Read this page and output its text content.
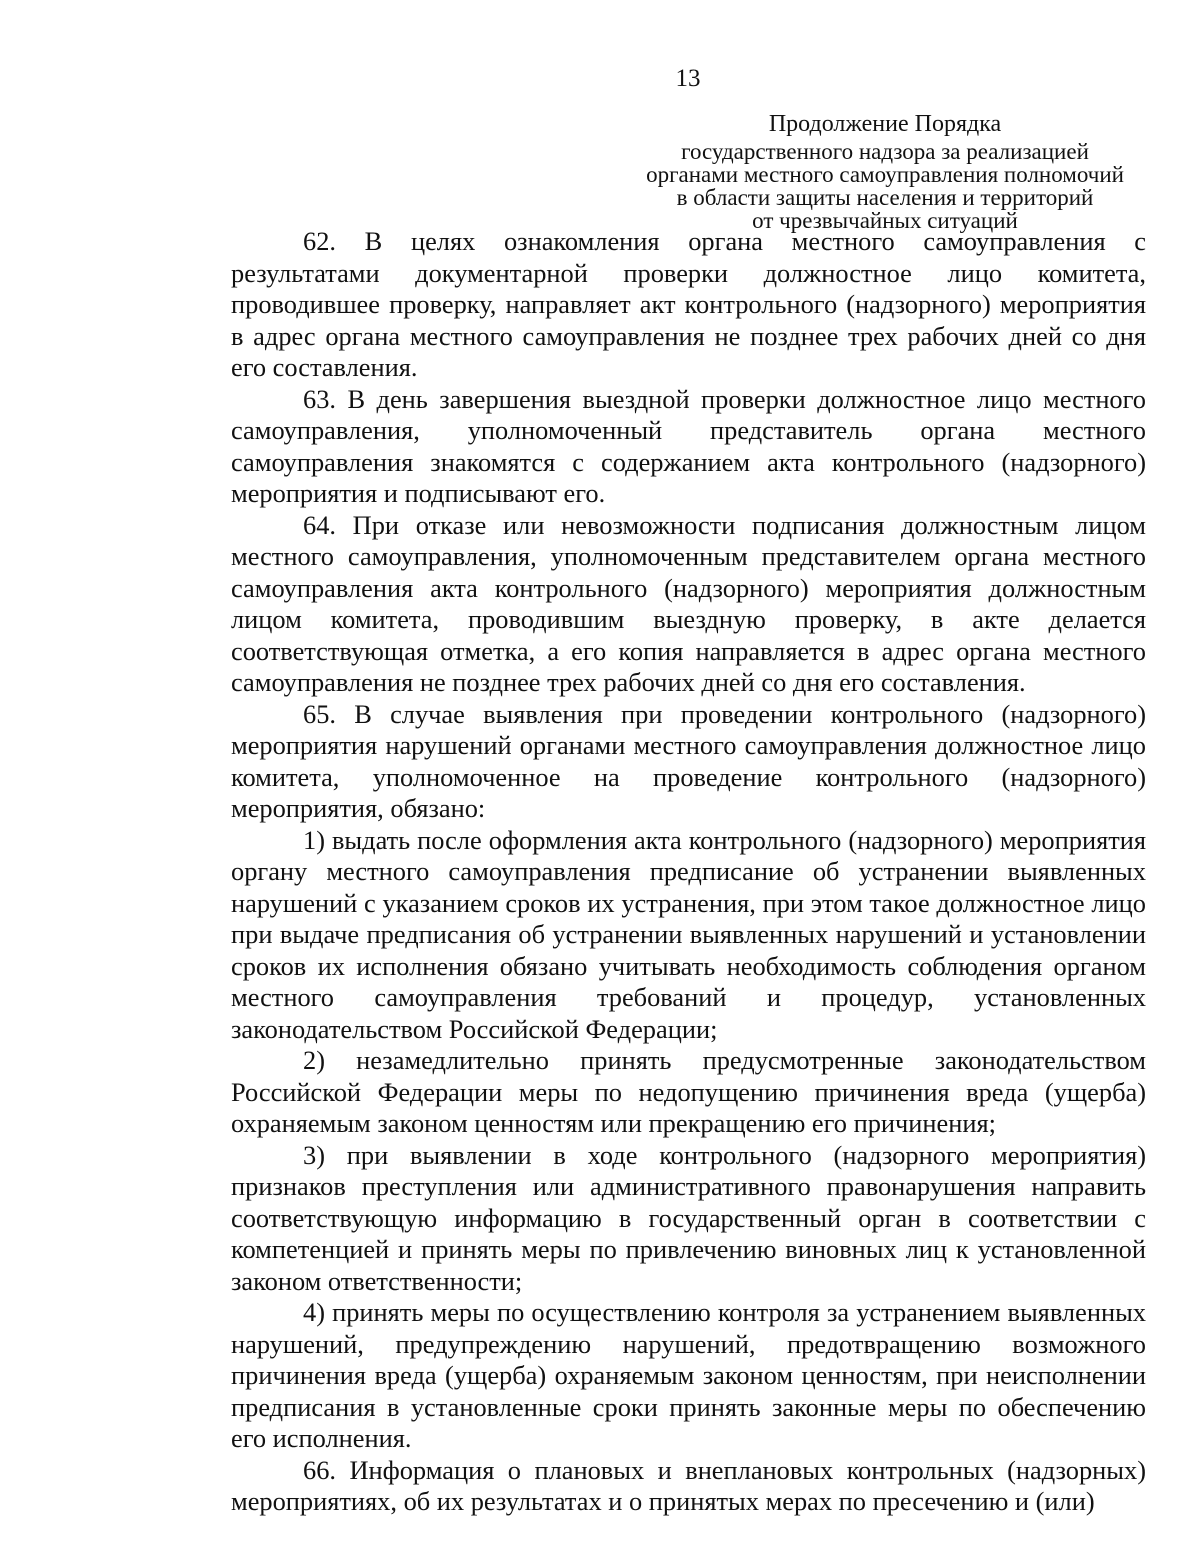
13
Продолжение Порядка
государственного надзора за реализацией
органами местного самоуправления полномочий
в области защиты населения и территорий
от чрезвычайных ситуаций

62. В целях ознакомления органа местного самоуправления с результатами документарной проверки должностное лицо комитета, проводившее проверку, направляет акт контрольного (надзорного) мероприятия в адрес органа местного самоуправления не позднее трех рабочих дней со дня его составления.

63. В день завершения выездной проверки должностное лицо местного самоуправления, уполномоченный представитель органа местного самоуправления знакомятся с содержанием акта контрольного (надзорного) мероприятия и подписывают его.

64. При отказе или невозможности подписания должностным лицом местного самоуправления, уполномоченным представителем органа местного самоуправления акта контрольного (надзорного) мероприятия должностным лицом комитета, проводившим выездную проверку, в акте делается соответствующая отметка, а его копия направляется в адрес органа местного самоуправления не позднее трех рабочих дней со дня его составления.

65. В случае выявления при проведении контрольного (надзорного) мероприятия нарушений органами местного самоуправления должностное лицо комитета, уполномоченное на проведение контрольного (надзорного) мероприятия, обязано:

1) выдать после оформления акта контрольного (надзорного) мероприятия органу местного самоуправления предписание об устранении выявленных нарушений с указанием сроков их устранения, при этом такое должностное лицо при выдаче предписания об устранении выявленных нарушений и установлении сроков их исполнения обязано учитывать необходимость соблюдения органом местного самоуправления требований и процедур, установленных законодательством Российской Федерации;

2) незамедлительно принять предусмотренные законодательством Российской Федерации меры по недопущению причинения вреда (ущерба) охраняемым законом ценностям или прекращению его причинения;

3) при выявлении в ходе контрольного (надзорного мероприятия) признаков преступления или административного правонарушения направить соответствующую информацию в государственный орган в соответствии с компетенцией и принять меры по привлечению виновных лиц к установленной законом ответственности;

4) принять меры по осуществлению контроля за устранением выявленных нарушений, предупреждению нарушений, предотвращению возможного причинения вреда (ущерба) охраняемым законом ценностям, при неисполнении предписания в установленные сроки принять законные меры по обеспечению его исполнения.

66. Информация о плановых и внеплановых контрольных (надзорных) мероприятиях, об их результатах и о принятых мерах по пресечению и (или)
